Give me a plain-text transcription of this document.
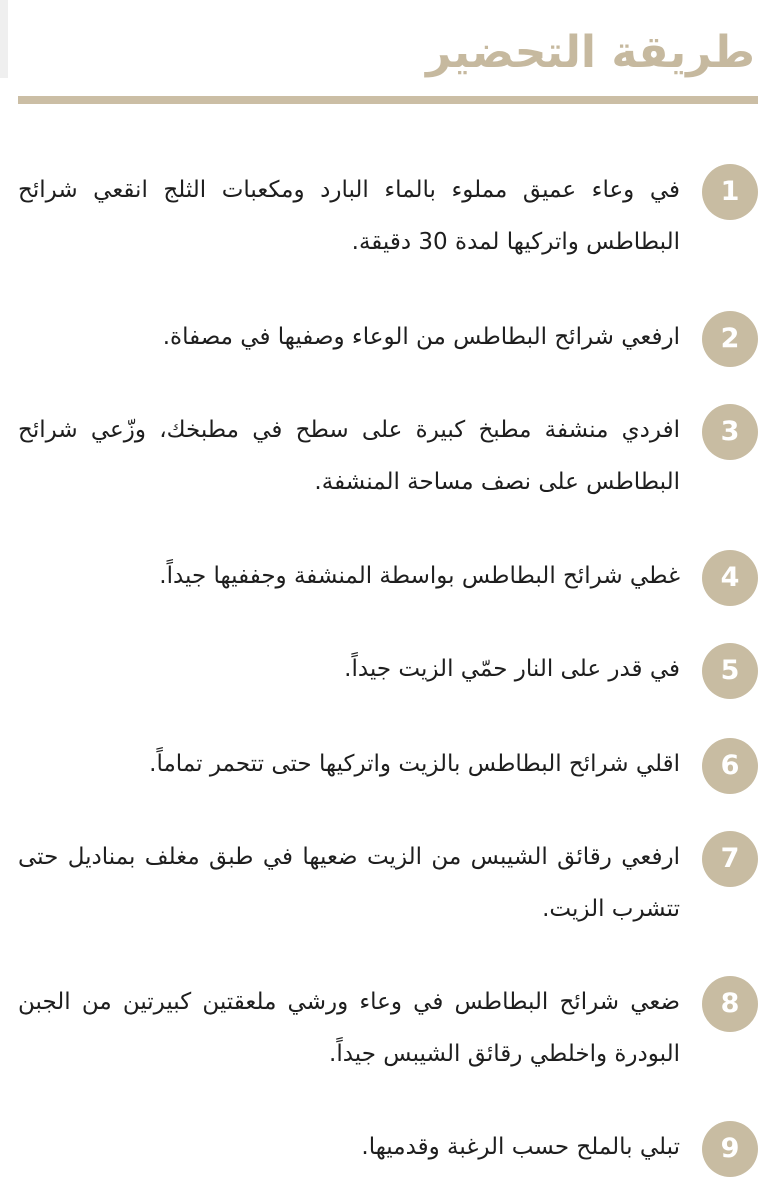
طريقة التحضير
1

في وعاء عميق مملوء بالماء البارد ومكعبات الثلج انقعي شرائح البطاطس واتركيها لمدة 30 دقيقة.

2

ارفعي شرائح البطاطس من الوعاء وصفيها في مصفاة.

3

افردي منشفة مطبخ كبيرة على سطح في مطبخك، وزّعي شرائح البطاطس على نصف مساحة المنشفة.

4

غطي شرائح البطاطس بواسطة المنشفة وجففيها جيداً.

5

في قدر على النار حمّي الزيت جيداً.

6

اقلي شرائح البطاطس بالزيت واتركيها حتى تتحمر تماماً.

7

ارفعي رقائق الشيبس من الزيت ضعيها في طبق مغلف بمناديل حتى تتشرب الزيت.

8

ضعي شرائح البطاطس في وعاء ورشي ملعقتين كبيرتين من الجبن البودرة واخلطي رقائق الشيبس جيداً.

9

تبلي بالملح حسب الرغبة وقدميها.
